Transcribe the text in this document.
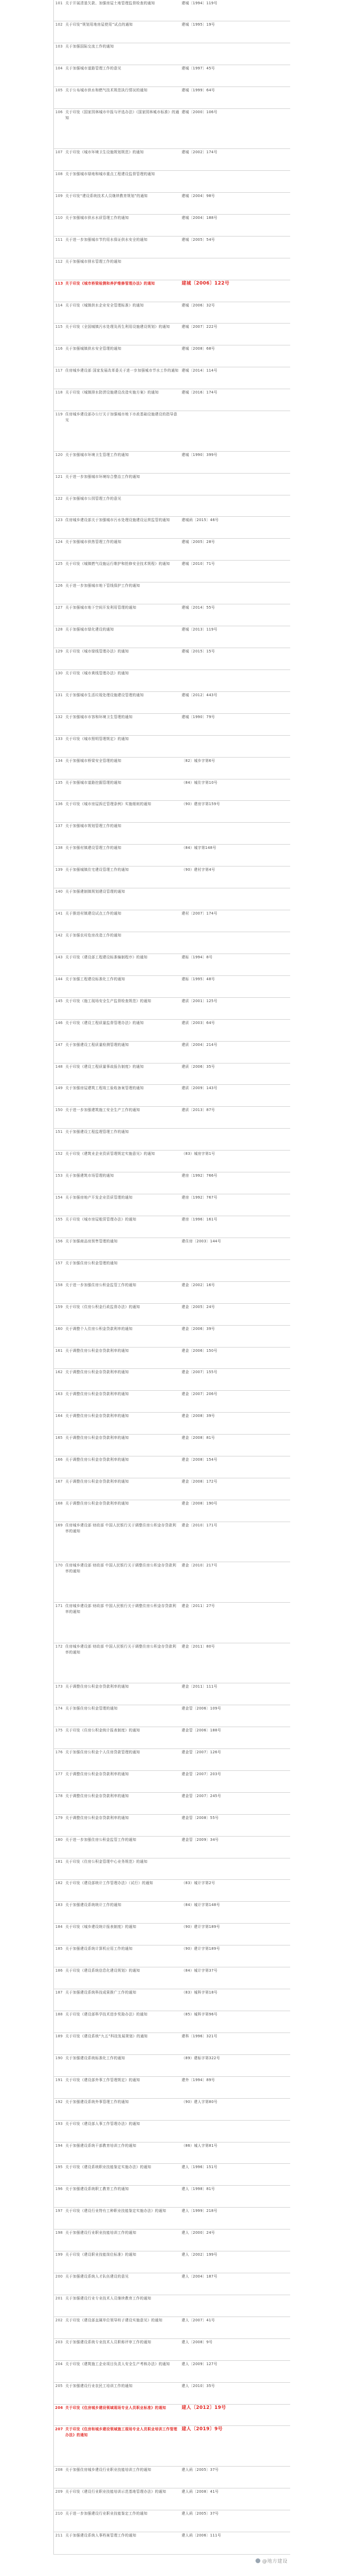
101	关于开展清退欠款、加强房屋土地管理监督检查的通知	建城〔1994〕119号
102	关于印发“规划用地房屋使用”试点的通知	建城〔1995〕19号
103	关于加强国际交流工作的通知	
104	关于加强城市道路管理工作的意见	建城〔1997〕45号
105	关于公布城市供水和燃气技术规范执行情况的通知	建城〔1999〕64号
106	关于印发《国家园林城市申报与评选办法》《国家园林城市标准》的通知	建城〔2000〕106号
107	关于印发《城市环境卫生设施规划规范》的通知	建城〔2002〕174号
108	关于加强城市绿地和城市重点工程建设监督管理的通知	
109	关于印发“建设系统技术人员继续教育规划”的通知	建城〔2004〕98号
110	关于加强城市供水水质管理工作的通知	建城〔2004〕188号
111	关于进一步加强城市节约用水保证供水安全的通知	建城〔2005〕54号
112	关于加强城市排水管理工作的通知	
113	关于印发《城市桥梁检测和养护维修管理办法》的通知	建城〔2006〕122号
114	关于印发《城镇供水企业安全管理标准》的通知	建城〔2006〕32号
115	关于印发《全国城镇污水处理及再生利用设施建设规划》的通知	建城〔2007〕222号
116	关于加强城镇供水安全管理的通知	建城〔2008〕68号
117	住房城乡建设部 国家发展改革委关于进一步加强城市节水工作的通知	建城〔2014〕114号
118	关于印发《城镇排水防涝设施建设改造实施方案》的通知	建城〔2016〕174号
119	住房城乡建设部办公厅关于加强城市地下市政基础设施建设的指导意见	
120	关于加强城市环境卫生管理工作的通知	建城〔1990〕399号
121	关于进一步加强城市环境综合整治工作的通知	
122	关于加强城市公园管理工作的意见	
123	住房城乡建设部关于加强城市污水处理设施建设运营监管的通知	建城函〔2015〕46号
124	关于加强城市供热管理工作的通知	建城〔2005〕28号
125	关于印发《城镇燃气设施运行维护和抢修安全技术规程》的通知	建城〔2010〕71号
126	关于进一步加强城市地下管线保护工作的通知	
127	关于加强城市地下空间开发利用管理的通知	建城〔2014〕55号
128	关于加强城市绿化建设的通知	建城〔2013〕119号
129	关于印发《城市绿线管理办法》的通知	建城〔2015〕15号
130	关于印发《城市黄线管理办法》的通知	
131	关于加强城市生活垃圾处理设施建设管理的通知	建城〔2012〕443号
132	关于加强城市市容和环境卫生管理的通知	建城〔1990〕79号
133	关于印发《城市照明管理规定》的通知	
134	关于加强城市桥梁安全管理的通知	〔82〕城乡字第6号
135	关于加强城市道路挖掘管理的通知	（84）城住字第10号
136	关于印发《城市房屋拆迁管理条例》实施细则的通知	（90）建房字第159号
137	关于加强城市规划管理工作的通知	
138	关于加强村镇建设管理工作的通知	（84）城字第148号
139	关于加强城镇住宅建设管理工作的通知	（90）建村字第4号
140	关于加强建制镇规划建设管理的通知	
141	关于推进村镇建设试点工作的通知	建村〔2007〕174号
142	关于加强农村危房改造工作的通知	
143	关于印发《建设部工程建设标准编制程序》的通知	建标〔1994〕8号
144	关于加强工程建设标准化工作的通知	建标〔1995〕48号
145	关于印发《施工现场安全生产监督检查规范》的通知	建质〔2001〕125号
146	关于印发《建设工程质量监督管理办法》的通知	建质〔2003〕64号
147	关于加强建设工程质量检测管理的通知	建质〔2004〕214号
148	关于印发《建设工程质量事故报告制度》的通知	建质〔2006〕35号
149	关于加强房屋建筑工程竣工验收备案管理的通知	建质〔2009〕143号
150	关于进一步加强建筑施工安全生产工作的通知	建质〔2013〕87号
151	关于加强建设工程监理管理工作的通知	
152	关于印发《建筑业企业资质管理规定实施意见》的通知	（83）城房字第1号
153	关于加强建筑市场管理的通知	建房〔1992〕766号
154	关于加强房地产开发企业资质管理的通知	建房〔1992〕767号
155	关于印发《城市房屋租赁管理办法》的通知	建房〔1996〕161号
156	关于加强商品房预售管理的通知	建住房〔2003〕144号
157	关于加强住房公积金管理的通知	
158	关于进一步加强住房公积金监管工作的通知	建金〔2002〕16号
159	关于印发《住房公积金行政监督办法》的通知	建金〔2005〕24号
160	关于调整个人住房公积金贷款利率的通知	建金〔2006〕39号
161	关于调整住房公积金存贷款利率的通知	建金〔2006〕150号
162	关于调整住房公积金存贷款利率的通知	建金〔2007〕155号
163	关于调整住房公积金存贷款利率的通知	建金〔2007〕206号
164	关于调整住房公积金存贷款利率的通知	建金〔2008〕39号
165	关于调整住房公积金存贷款利率的通知	建金〔2008〕81号
166	关于调整住房公积金存贷款利率的通知	建金〔2008〕154号
167	关于调整住房公积金存贷款利率的通知	建金〔2008〕172号
168	关于调整住房公积金存贷款利率的通知	建金〔2008〕190号
169	住房城乡建设部 财政部 中国人民银行关于调整住房公积金存贷款利率的通知	建金〔2010〕171号
170	住房城乡建设部 财政部 中国人民银行关于调整住房公积金存贷款利率的通知	建金〔2010〕217号
171	住房城乡建设部 财政部 中国人民银行关于调整住房公积金存贷款利率的通知	建金〔2011〕27号
172	住房城乡建设部 财政部 中国人民银行关于调整住房公积金存贷款利率的通知	建金〔2011〕80号
173	关于调整住房公积金存贷款利率的通知	建金〔2011〕111号
174	关于加强住房公积金管理的通知	建金管〔2006〕109号
175	关于印发《住房公积金统计报表制度》的通知	建金管〔2006〕188号
176	关于加强住房公积金个人住房贷款管理的通知	建金管〔2007〕126号
177	关于调整住房公积金存贷款利率的通知	建金管〔2007〕203号
178	关于调整住房公积金存贷款利率的通知	建金管〔2007〕245号
179	关于调整住房公积金存贷款利率的通知	建金管〔2008〕55号
180	关于进一步加强住房公积金监管工作的通知	建金管〔2009〕34号
181	关于印发《住房公积金管理中心业务规范》的通知	
182	关于印发《建设部统计工作管理办法》（试行）的通知	（83）城计字第2号
183	关于加强建设系统统计工作的通知	（84）城计字第148号
184	关于印发《城乡建设统计报表制度》的通知	（90）建计字第189号
185	关于加强建设系统计算机应用工作的通知	（90）建计字第189号
186	关于印发《建设系统信息化建设规划》的通知	（84）城计字第37号
187	关于加强建设系统科技成果推广工作的通知	（83）城科字第18号
188	关于印发《建设部科学技术进步奖励办法》的通知	（85）城科字第96号
189	关于印发《建设系统“九五”科技发展规划》的通知	建科〔1996〕321号
190	关于加强建设系统标准化工作的通知	（89）建标字第322号
191	关于印发《建设部外事工作管理规定》的通知	建外〔1994〕89号
192	关于加强建设系统外事管理工作的通知	（90）建人字第80号
193	关于印发《建设部人事工作管理办法》的通知	
194	关于加强建设系统干部教育培训工作的通知	（86）城人字第81号
195	关于印发《建设系统职业技能鉴定实施办法》的通知	建人〔1996〕151号
196	关于加强建设系统职工教育工作的通知	建人〔1998〕81号
197	关于印发《建设行业特有工种职业技能鉴定实施办法》的通知	建人〔1999〕218号
198	关于加强建设行业职业技能培训工作的通知	建人〔2000〕24号
199	关于印发《建设职业技能岗位标准》的通知	建人〔2002〕199号
200	关于加强建设系统人才队伍建设的意见	建人〔2004〕187号
201	关于加强建设行业专业技术人员继续教育工作的通知	
202	关于印发《建设部直属单位领导班子建设实施意见》的通知	建人〔2007〕41号
203	关于加强建设系统专业技术人员职称评审工作的通知	建人〔2008〕9号
204	关于印发《建筑施工企业项目负责人安全生产考核办法》的通知	建人〔2009〕127号
205	关于加强建设行业农民工培训工作的通知	建人〔2010〕35号
206	关于印发《住房城乡建设领域现场专业人员职业标准》的通知	建人〔2012〕19号
207	关于印发《住房和城乡建设领域施工现场专业人员职业培训工作管理办法》的通知	建人〔2019〕9号
208	关于加强住房城乡建设行业职业技能培训工作的通知	建人函〔2005〕37号
209	关于印发《建设行业职业技能培训示范基地管理办法》的通知	建人函〔2008〕41号
210	关于进一步加强建设行业职业技能鉴定工作的通知	建人函〔2005〕37号
211	关于加强建设系统人事档案管理工作的通知	建人函〔2006〕111号
@地方建设
